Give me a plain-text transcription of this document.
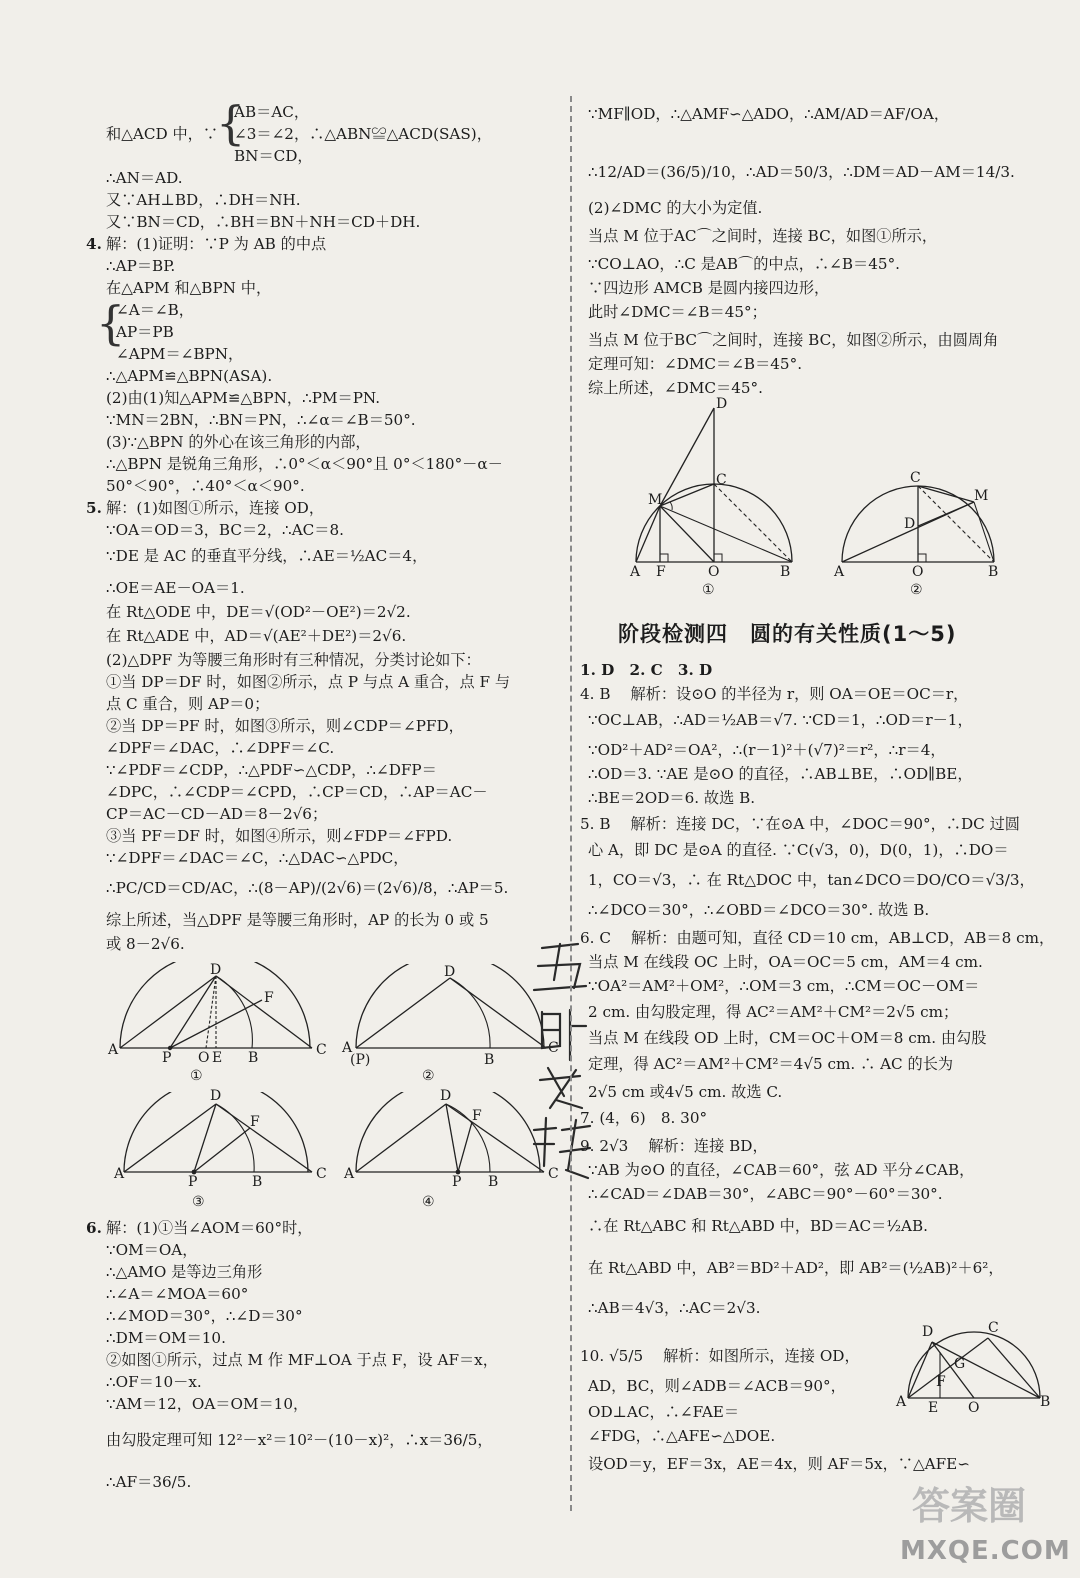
和△ACD 中，∵
{
AB＝AC，
∠3＝∠2，∴△ABN≌△ACD(SAS)，
BN＝CD，
∴AN＝AD.
又∵AH⊥BD，∴DH＝NH.
又∵BN＝CD，∴BH＝BN＋NH＝CD＋DH.
4. 解：(1)证明：∵P 为 AB 的中点
∴AP＝BP.
在△APM 和△BPN 中，
{
∠A＝∠B，
AP＝PB
∠APM＝∠BPN，
∴△APM≌△BPN(ASA).
(2)由(1)知△APM≌△BPN，∴PM＝PN.
∵MN＝2BN，∴BN＝PN，∴∠α＝∠B＝50°.
(3)∵△BPN 的外心在该三角形的内部，
∴△BPN 是锐角三角形，∴0°＜α＜90°且 0°＜180°－α－
50°＜90°，∴40°＜α＜90°.
5. 解：(1)如图①所示，连接 OD，
∵OA＝OD＝3，BC＝2，∴AC＝8.
∵DE 是 AC 的垂直平分线，∴AE＝½AC＝4，
∴OE＝AE－OA＝1.
在 Rt△ODE 中，DE＝√(OD²－OE²)＝2√2.
在 Rt△ADE 中，AD＝√(AE²＋DE²)＝2√6.
(2)△DPF 为等腰三角形时有三种情况，分类讨论如下：
①当 DP＝DF 时，如图②所示，点 P 与点 A 重合，点 F 与
点 C 重合，则 AP＝0；
②当 DP＝PF 时，如图③所示，则∠CDP＝∠PFD，
∠DPF＝∠DAC，∴∠DPF＝∠C.
∵∠PDF＝∠CDP，∴△PDF∽△CDP，∴∠DFP＝
∠DPC，∴∠CDP＝∠CPD，∴CP＝CD，∴AP＝AC－
CP＝AC－CD－AD＝8－2√6；
③当 PF＝DF 时，如图④所示，则∠FDP＝∠FPD.
∵∠DPF＝∠DAC＝∠C，∴△DAC∽△PDC，
∴PC/CD＝CD/AC，∴(8－AP)/(2√6)＝(2√6)/8，∴AP＝5.
综上所述，当△DPF 是等腰三角形时，AP 的长为 0 或 5
或 8－2√6.
6. 解：(1)①当∠AOM＝60°时，
∵OM＝OA，
∴△AMO 是等边三角形
∴∠A＝∠MOA＝60°
∴∠MOD＝30°，∴∠D＝30°
∴DM＝OM＝10.
②如图①所示，过点 M 作 MF⊥OA 于点 F，设 AF＝x，
∴OF＝10－x.
∵AM＝12，OA＝OM＝10，
由勾股定理可知 12²－x²＝10²－(10－x)²，∴x＝36/5，
∴AF＝36/5.
D
F
A	P O E B	C
①
D
A
(P)	B
C
②
D
F
A	P	B	C
③
D
F
A	P B	C
④
∵MF∥OD，∴△AMF∽△ADO，∴AM/AD＝AF/OA，
∴12/AD＝(36/5)/10，∴AD＝50/3，∴DM＝AD－AM＝14/3.
(2)∠DMC 的大小为定值.
当点 M 位于AC⌒之间时，连接 BC，如图①所示，
∵CO⊥AO，∴C 是AB⌒的中点，∴∠B＝45°.
∵四边形 AMCB 是圆内接四边形，
此时∠DMC＝∠B＝45°；
当点 M 位于BC⌒之间时，连接 BC，如图②所示，由圆周角
定理可知：∠DMC＝∠B＝45°.
综上所述，∠DMC＝45°.
阶段检测四　圆的有关性质(1～5)
1. D　2. C　3. D
4. B　 解析：设⊙O 的半径为 r，则 OA＝OE＝OC＝r，
∵OC⊥AB，∴AD＝½AB＝√7. ∵CD＝1，∴OD＝r－1，
∵OD²＋AD²＝OA²，∴(r－1)²＋(√7)²＝r²，∴r＝4，
∴OD＝3. ∵AE 是⊙O 的直径，∴AB⊥BE，∴OD∥BE，
∴BE＝2OD＝6. 故选 B.
5. B　 解析：连接 DC，∵在⊙A 中，∠DOC＝90°，∴DC 过圆
心 A，即 DC 是⊙A 的直径. ∵C(√3，0)，D(0，1)，∴DO＝
1，CO＝√3，∴ 在 Rt△DOC 中，tan∠DCO＝DO/CO＝√3/3，
∴∠DCO＝30°，∴∠OBD＝∠DCO＝30°. 故选 B.
6. C　 解析：由题可知，直径 CD＝10 cm，AB⊥CD，AB＝8 cm，
当点 M 在线段 OC 上时，OA＝OC＝5 cm，AM＝4 cm.
∵OA²＝AM²＋OM²，∴OM＝3 cm，∴CM＝OC－OM＝
2 cm. 由勾股定理，得 AC²＝AM²＋CM²＝2√5 cm；
当点 M 在线段 OD 上时，CM＝OC＋OM＝8 cm. 由勾股
定理，得 AC²＝AM²＋CM²＝4√5 cm. ∴ AC 的长为
2√5 cm 或4√5 cm. 故选 C.
7. (4，6)　8. 30°
9. 2√3　 解析：连接 BD，
∵AB 为⊙O 的直径，∠CAB＝60°，弦 AD 平分∠CAB，
∴∠CAD＝∠DAB＝30°，∠ABC＝90°－60°＝30°.
∴在 Rt△ABC 和 Rt△ABD 中，BD＝AC＝½AB.
在 Rt△ABD 中，AB²＝BD²＋AD²，即 AB²＝(½AB)²＋6²，
∴AB＝4√3，∴AC＝2√3.
10. √5/5　 解析：如图所示，连接 OD，
AD，BC，则∠ADB＝∠ACB＝90°，
OD⊥AC，∴∠FAE＝
∠FDG，∴△AFE∽△DOE.
设OD＝y，EF＝3x，AE＝4x，则 AF＝5x，∵△AFE∽
D
M
C
A F	O	B
①
C
M
D
A	O	B
②
D	C
G
F
A E O	B
答案圈
MXQE.COM
